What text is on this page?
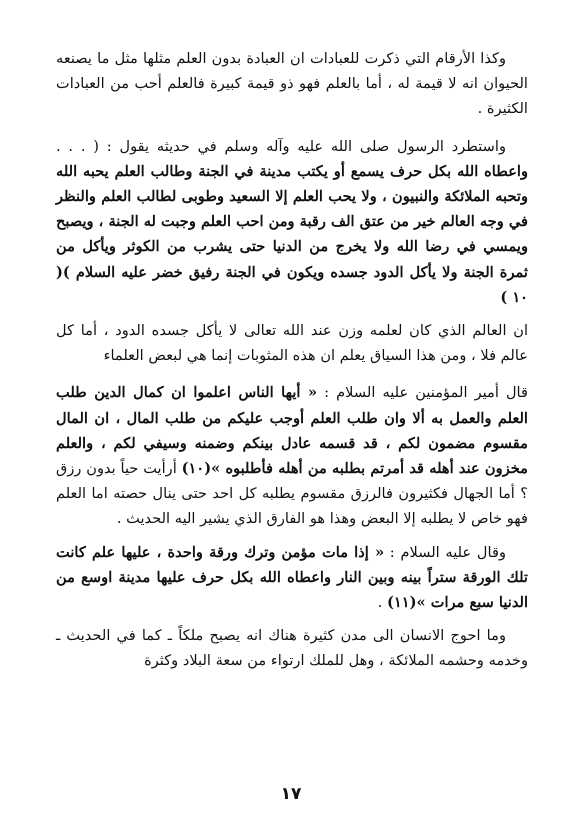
وكذا الأرقام التي ذكرت للعبادات ان العبادة بدون العلم مثلها مثل ما يصنعه الحيوان انه لا قيمة له ، أما بالعلم فهو ذو قيمة كبيرة فالعلم أحب من العبادات الكثيرة .

واستطرد الرسول صلى الله عليه وآله وسلم في حديثه يقول : ( . . . واعطاه الله بكل حرف يسمع أو يكتب مدينة في الجنة وطالب العلم يحبه الله وتحبه الملائكة والنبيون ، ولا يحب العلم إلا السعيد وطوبى لطالب العلم والنظر في وجه العالم خير من عتق الف رقبة ومن احب العلم وجبت له الجنة ، ويصبح ويمسي في رضا الله ولا يخرج من الدنيا حتى يشرب من الكوثر ويأكل من ثمرة الجنة ولا يأكل الدود جسده ويكون في الجنة رفيق خضر عليه السلام )( ١٠ )

ان العالم الذي كان لعلمه وزن عند الله تعالى لا يأكل جسده الدود ، أما كل عالم فلا ، ومن هذا السياق يعلم ان هذه المثوبات إنما هي لبعض العلماء

قال أمير المؤمنين عليه السلام : « أيها الناس اعلموا ان كمال الدين طلب العلم والعمل به ألا وان طلب العلم أوجب عليكم من طلب المال ، ان المال مقسوم مضمون لكم ، قد قسمه عادل بينكم وضمنه وسيفي لكم ، والعلم مخزون عند أهله قد أمرتم بطلبه من أهله فأطلبوه »(١٠) أرأيت حياً بدون رزق ؟ أما الجهال فكثيرون فالرزق مقسوم يطلبه كل احد حتى ينال حصته اما العلم فهو خاص لا يطلبه إلا البعض وهذا هو الفارق الذي يشير اليه الحديث .

وقال عليه السلام : « إذا مات مؤمن وترك ورقة واحدة ، عليها علم كانت تلك الورقة ستراً بينه وبين النار واعطاه الله بكل حرف عليها مدينة اوسع من الدنيا سبع مرات »(١١) .

وما احوج الانسان الى مدن كثيرة هناك انه يصبح ملكاً ـ كما في الحديث ـ وخدمه وحشمه الملائكة ، وهل للملك ارتواء من سعة البلاد وكثرة

١٧
